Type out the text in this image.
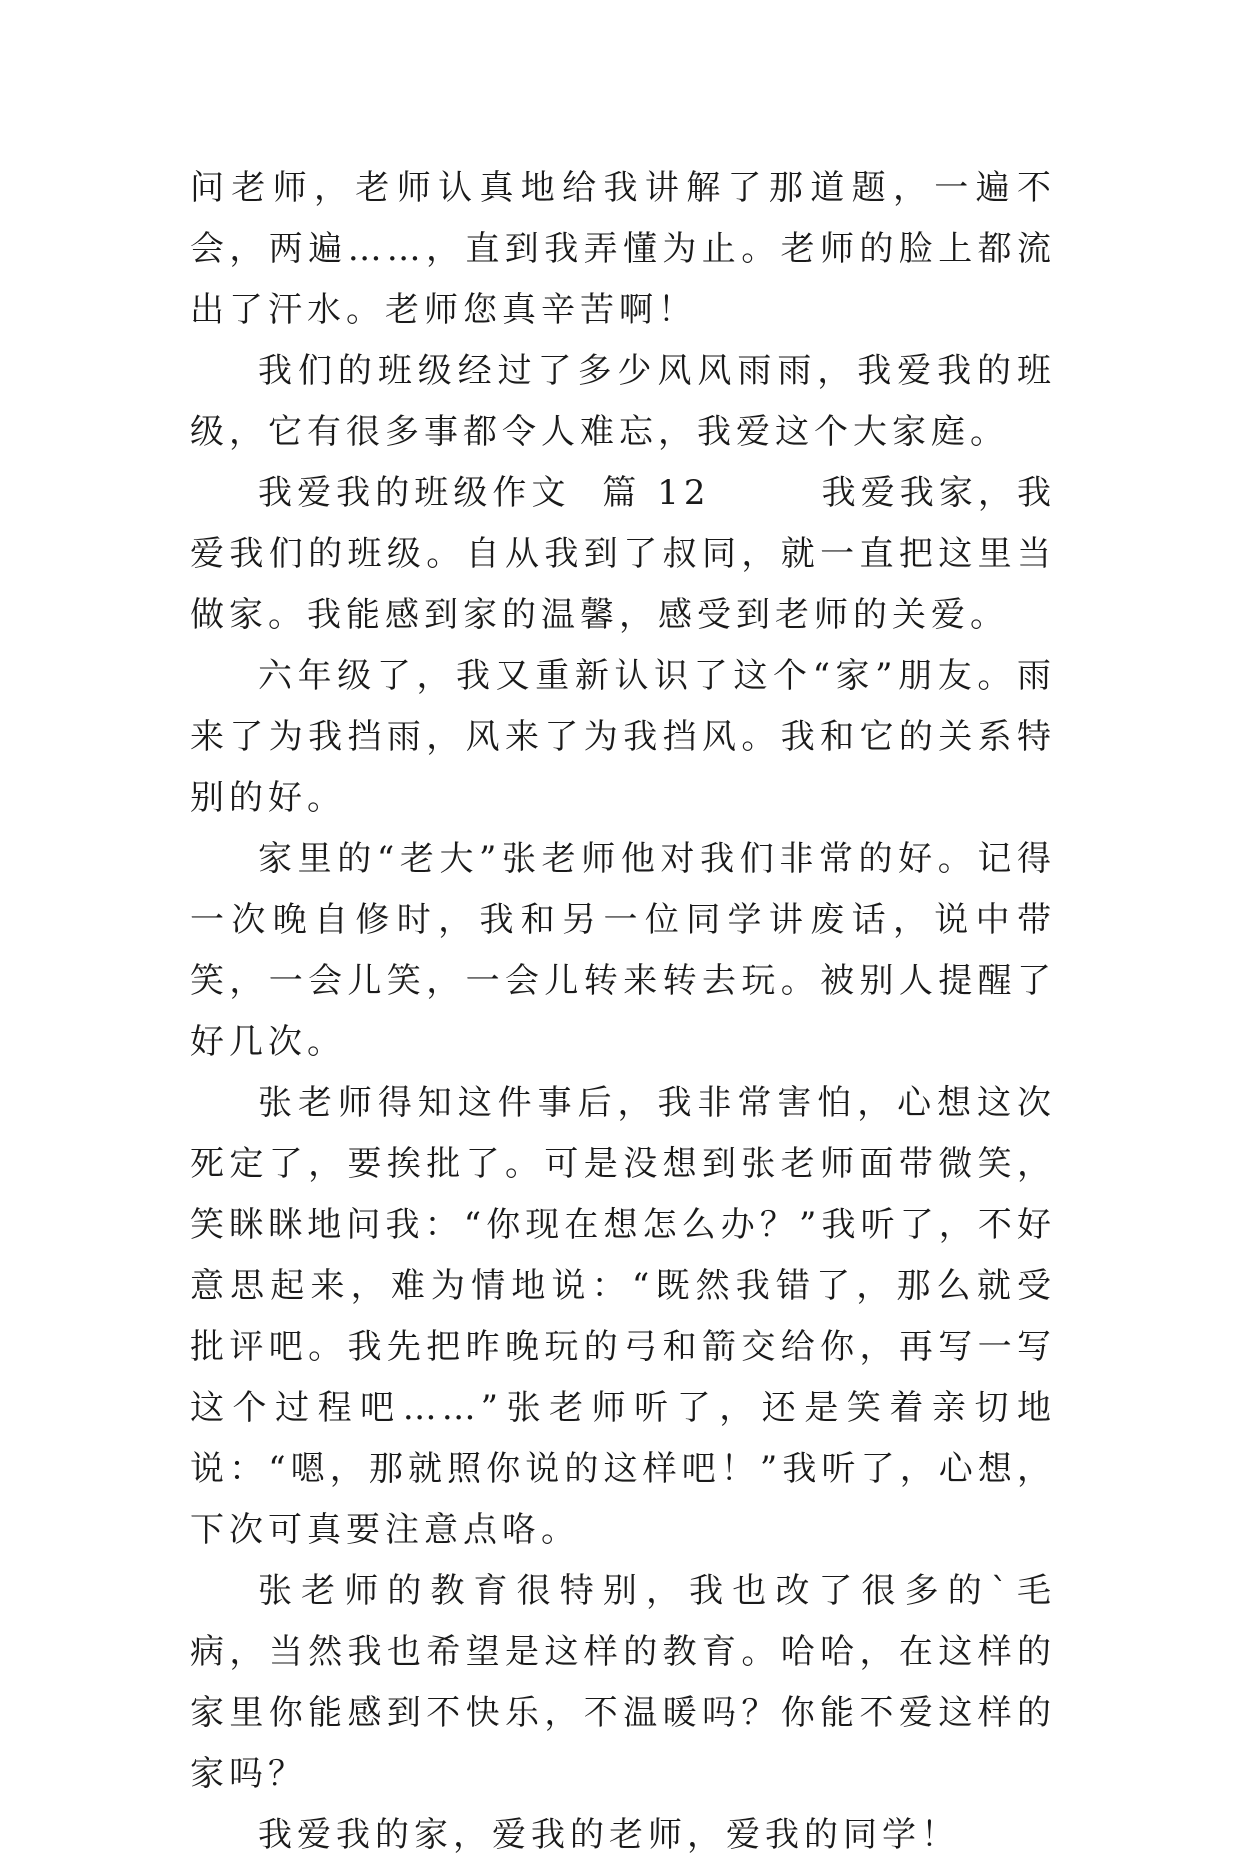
问老师，老师认真地给我讲解了那道题，一遍不会，两遍……，直到我弄懂为止。老师的脸上都流出了汗水。老师您真辛苦啊！

我们的班级经过了多少风风雨雨，我爱我的班级，它有很多事都令人难忘，我爱这个大家庭。

我爱我的班级作文  篇 12       我爱我家，我爱我们的班级。自从我到了叔同，就一直把这里当做家。我能感到家的温馨，感受到老师的关爱。

六年级了，我又重新认识了这个“家”朋友。雨来了为我挡雨，风来了为我挡风。我和它的关系特别的好。

家里的“老大”张老师他对我们非常的好。记得一次晚自修时，我和另一位同学讲废话，说中带笑，一会儿笑，一会儿转来转去玩。被别人提醒了好几次。

张老师得知这件事后，我非常害怕，心想这次死定了，要挨批了。可是没想到张老师面带微笑，笑眯眯地问我：“你现在想怎么办？”我听了，不好意思起来，难为情地说：“既然我错了，那么就受批评吧。我先把昨晚玩的弓和箭交给你，再写一写这个过程吧……”张老师听了，还是笑着亲切地说：“嗯，那就照你说的这样吧！”我听了，心想，下次可真要注意点咯。

张老师的教育很特别，我也改了很多的`毛病，当然我也希望是这样的教育。哈哈，在这样的家里你能感到不快乐，不温暖吗？你能不爱这样的家吗？

我爱我的家，爱我的老师，爱我的同学！
